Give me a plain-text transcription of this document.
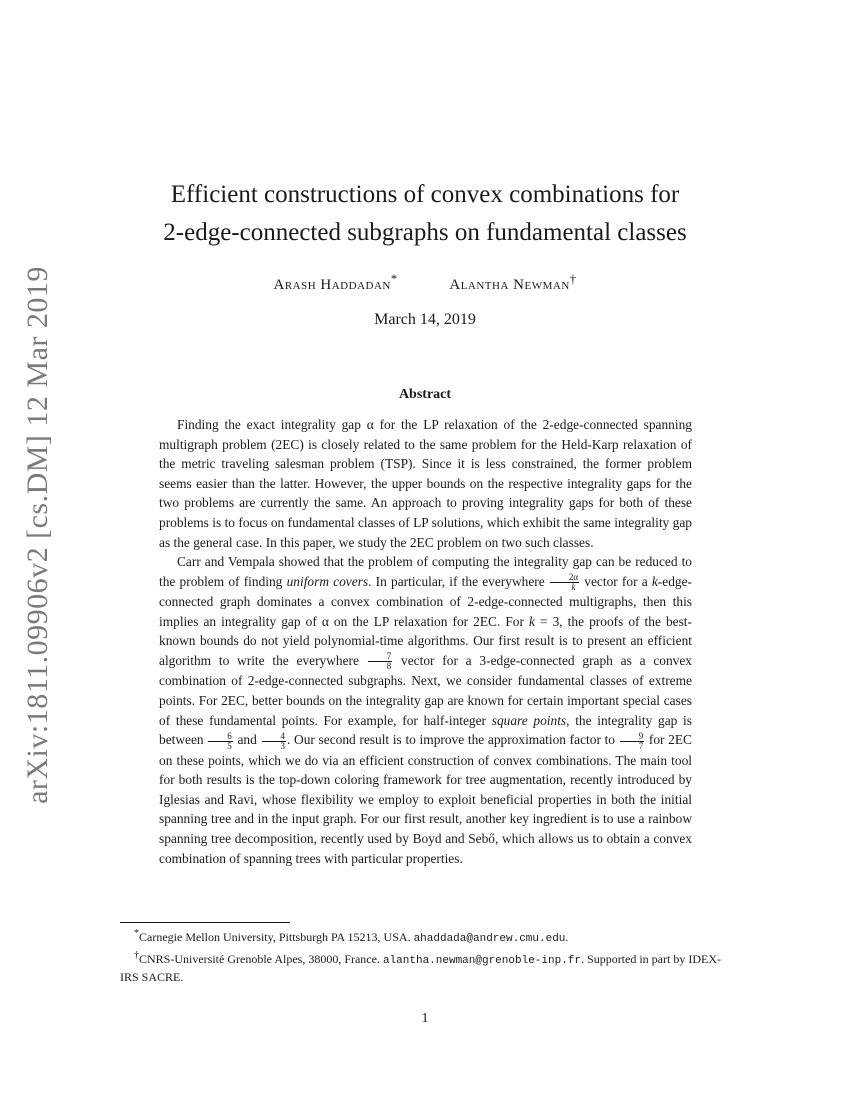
arXiv:1811.09906v2 [cs.DM] 12 Mar 2019
Efficient constructions of convex combinations for
2-edge-connected subgraphs on fundamental classes
Arash Haddadan*	Alantha Newman†
March 14, 2019
Abstract

Finding the exact integrality gap α for the LP relaxation of the 2-edge-connected spanning multigraph problem (2EC) is closely related to the same problem for the Held-Karp relaxation of the metric traveling salesman problem (TSP). Since it is less constrained, the former problem seems easier than the latter. However, the upper bounds on the respective integrality gaps for the two problems are currently the same. An approach to proving integrality gaps for both of these problems is to focus on fundamental classes of LP solutions, which exhibit the same integrality gap as the general case. In this paper, we study the 2EC problem on two such classes.

Carr and Vempala showed that the problem of computing the integrality gap can be reduced to the problem of finding uniform covers. In particular, if the everywhere $\frac{2\alpha}{k}$ vector for a k-edge-connected graph dominates a convex combination of 2-edge-connected multigraphs, then this implies an integrality gap of α on the LP relaxation for 2EC. For k = 3, the proofs of the best-known bounds do not yield polynomial-time algorithms. Our first result is to present an efficient algorithm to write the everywhere $\frac{7}{8}$ vector for a 3-edge-connected graph as a convex combination of 2-edge-connected subgraphs. Next, we consider fundamental classes of extreme points. For 2EC, better bounds on the integrality gap are known for certain important special cases of these fundamental points. For example, for half-integer square points, the integrality gap is between $\frac{6}{5}$ and $\frac{4}{3}$ . Our second result is to improve the approximation factor to $\frac{9}{7}$ for 2EC on these points, which we do via an efficient construction of convex combinations. The main tool for both results is the top-down coloring framework for tree augmentation, recently introduced by Iglesias and Ravi, whose flexibility we employ to exploit beneficial properties in both the initial spanning tree and in the input graph. For our first result, another key ingredient is to use a rainbow spanning tree decomposition, recently used by Boyd and Sebő, which allows us to obtain a convex combination of spanning trees with particular properties.

*Carnegie Mellon University, Pittsburgh PA 15213, USA. ahaddada@andrew.cmu.edu.

†CNRS-Université Grenoble Alpes, 38000, France. alantha.newman@grenoble-inp.fr. Supported in part by IDEX-IRS SACRE.

1
